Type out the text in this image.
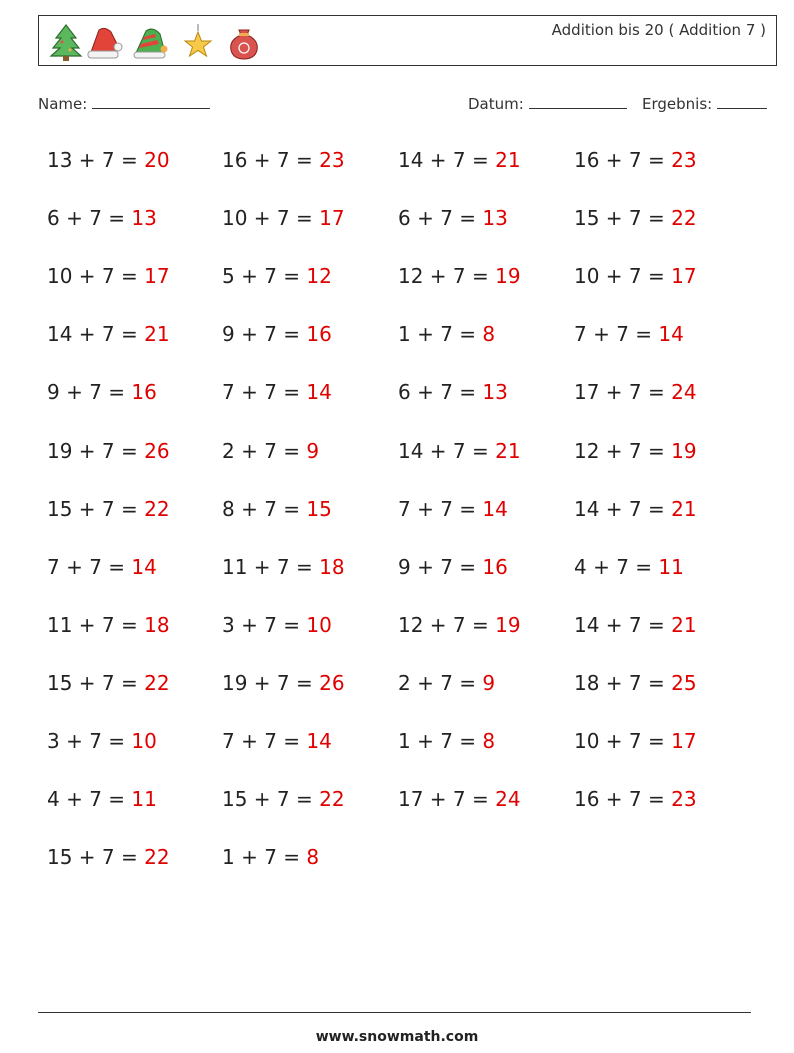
Addition bis 20 ( Addition 7 )
Name:	Datum:	Ergebnis:
13 + 7 = 20	16 + 7 = 23	14 + 7 = 21	16 + 7 = 23
6 + 7 = 13	10 + 7 = 17	6 + 7 = 13	15 + 7 = 22
10 + 7 = 17	5 + 7 = 12	12 + 7 = 19	10 + 7 = 17
14 + 7 = 21	9 + 7 = 16	1 + 7 = 8	7 + 7 = 14
9 + 7 = 16	7 + 7 = 14	6 + 7 = 13	17 + 7 = 24
19 + 7 = 26	2 + 7 = 9	14 + 7 = 21	12 + 7 = 19
15 + 7 = 22	8 + 7 = 15	7 + 7 = 14	14 + 7 = 21
7 + 7 = 14	11 + 7 = 18	9 + 7 = 16	4 + 7 = 11
11 + 7 = 18	3 + 7 = 10	12 + 7 = 19	14 + 7 = 21
15 + 7 = 22	19 + 7 = 26	2 + 7 = 9	18 + 7 = 25
3 + 7 = 10	7 + 7 = 14	1 + 7 = 8	10 + 7 = 17
4 + 7 = 11	15 + 7 = 22	17 + 7 = 24	16 + 7 = 23
15 + 7 = 22	1 + 7 = 8
www.snowmath.com
